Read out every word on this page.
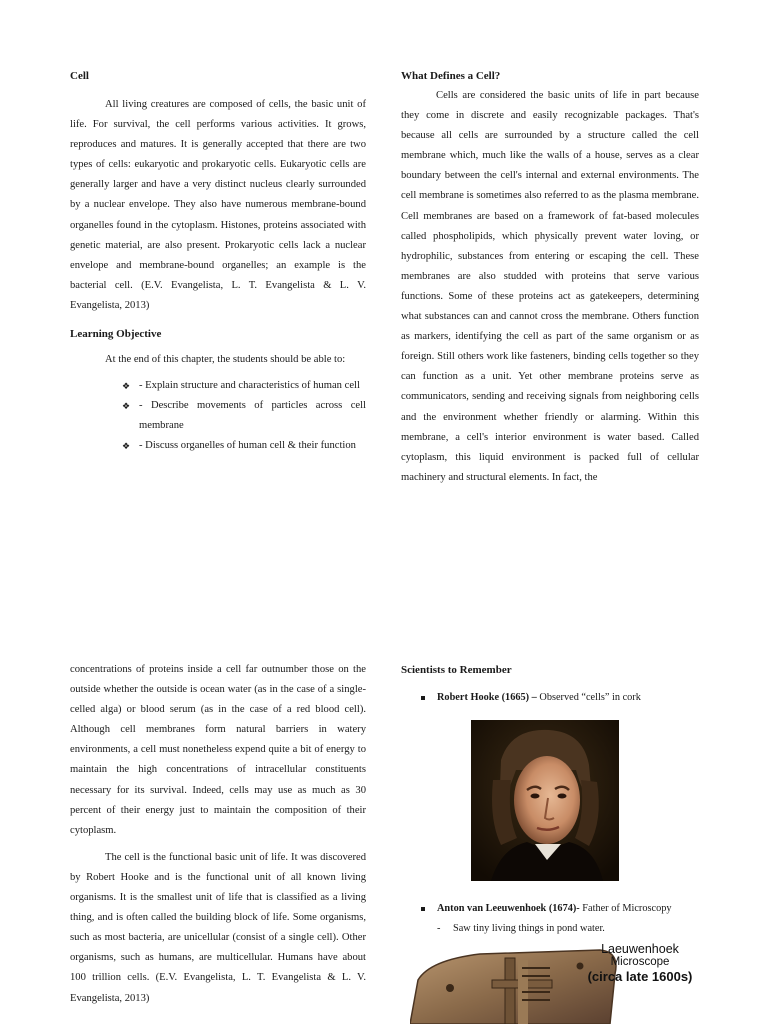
Cell

All living creatures are composed of cells, the basic unit of life. For survival, the cell performs various activities. It grows, reproduces and matures. It is generally accepted that there are two types of cells: eukaryotic and prokaryotic cells. Eukaryotic cells are generally larger and have a very distinct nucleus clearly surrounded by a nuclear envelope. They also have numerous membrane-bound organelles found in the cytoplasm. Histones, proteins associated with genetic material, are also present. Prokaryotic cells lack a nuclear envelope and membrane-bound organelles; an example is the bacterial cell. (E.V. Evangelista, L. T. Evangelista & L. V. Evangelista, 2013)

Learning Objective

At the end of this chapter, the students should be able to:

❖ - Explain structure and characteristics of human cell
❖ - Describe movements of particles across cell membrane
❖ - Discuss organelles of human cell & their function
What Defines a Cell?

Cells are considered the basic units of life in part because they come in discrete and easily recognizable packages. That's because all cells are surrounded by a structure called the cell membrane which, much like the walls of a house, serves as a clear boundary between the cell's internal and external environments. The cell membrane is sometimes also referred to as the plasma membrane. Cell membranes are based on a framework of fat-based molecules called phospholipids, which physically prevent water loving, or hydrophilic, substances from entering or escaping the cell. These membranes are also studded with proteins that serve various functions. Some of these proteins act as gatekeepers, determining what substances can and cannot cross the membrane. Others function as markers, identifying the cell as part of the same organism or as foreign. Still others work like fasteners, binding cells together so they can function as a unit. Yet other membrane proteins serve as communicators, sending and receiving signals from neighboring cells and the environment whether friendly or alarming. Within this membrane, a cell's interior environment is water based. Called cytoplasm, this liquid environment is packed full of cellular machinery and structural elements. In fact, the

concentrations of proteins inside a cell far outnumber those on the outside whether the outside is ocean water (as in the case of a single-celled alga) or blood serum (as in the case of a red blood cell). Although cell membranes form natural barriers in watery environments, a cell must nonetheless expend quite a bit of energy to maintain the high concentrations of intracellular constituents necessary for its survival. Indeed, cells may use as much as 30 percent of their energy just to maintain the composition of their cytoplasm.

The cell is the functional basic unit of life. It was discovered by Robert Hooke and is the functional unit of all known living organisms. It is the smallest unit of life that is classified as a living thing, and is often called the building block of life. Some organisms, such as most bacteria, are unicellular (consist of a single cell). Other organisms, such as humans, are multicellular. Humans have about 100 trillion cells. (E.V. Evangelista, L. T. Evangelista & L. V. Evangelista, 2013)

Scientists to Remember
Robert Hooke (1665) – Observed “cells” in cork
Anton van Leeuwenhoek (1674)- Father of Microscopy
- Saw tiny living things in pond water.
Laeuwenhoek
Microscope
(circa late 1600s)
